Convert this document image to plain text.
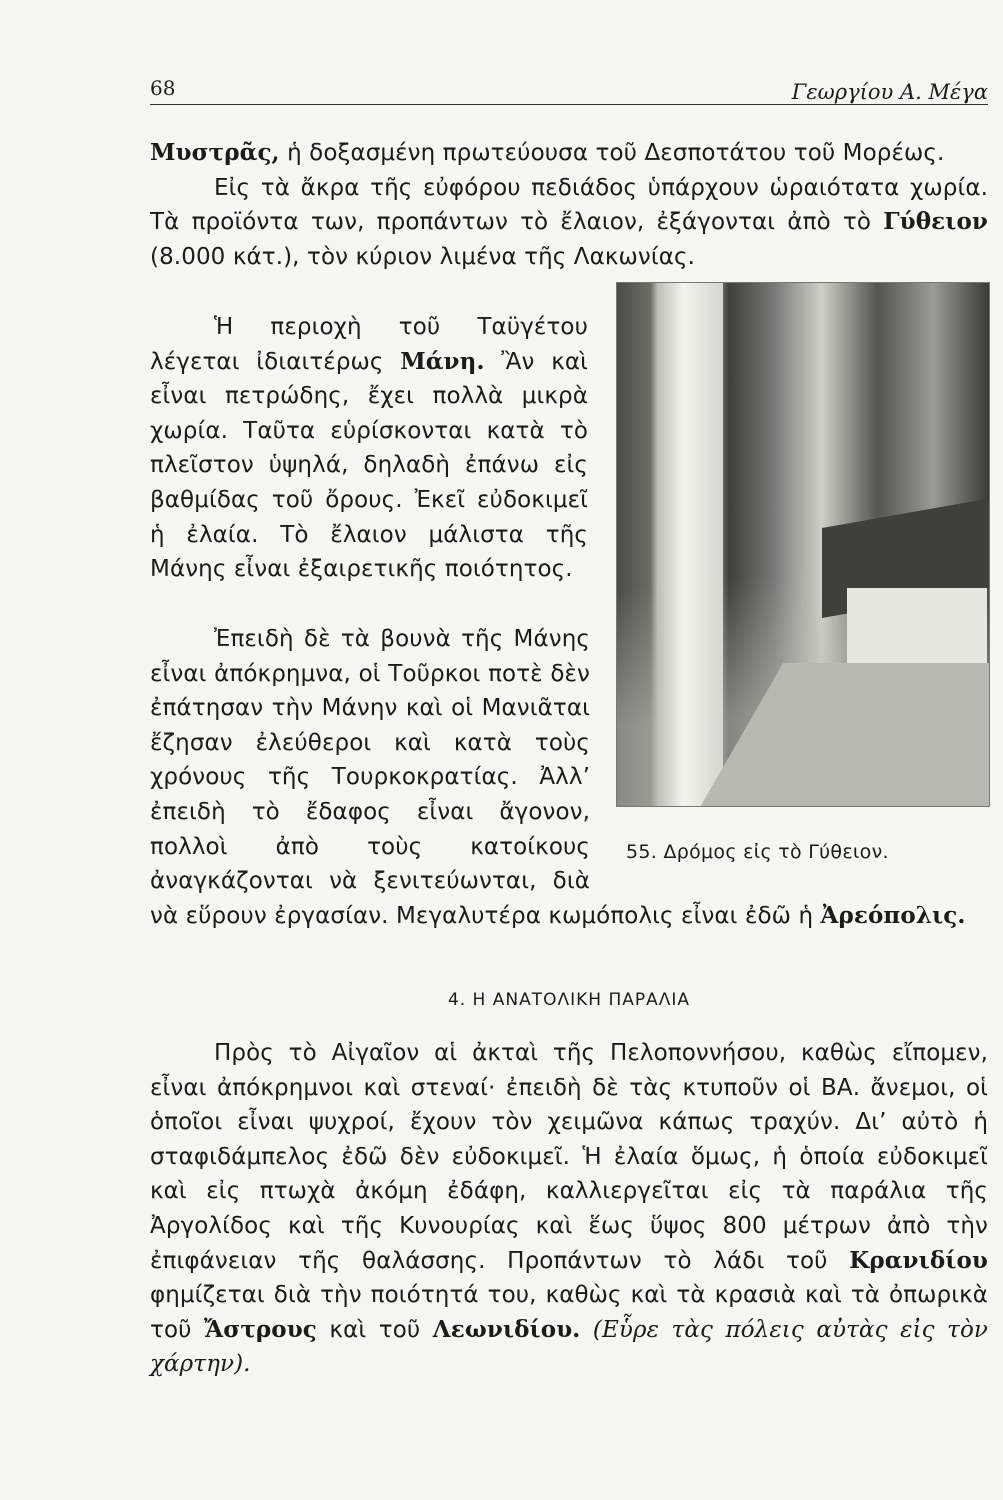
68	Γεωργίου Α. Μέγα

Μυστρᾶς, ἡ δοξασμένη πρωτεύουσα τοῦ Δεσποτάτου τοῦ Μορέως.

Εἰς τὰ ἄκρα τῆς εὐφόρου πεδιάδος ὑπάρχουν ὡραιότατα χωρία. Τὰ προϊόντα των, προπάντων τὸ ἔλαιον, ἐξάγονται ἀπὸ τὸ Γύθειον (8.000 κάτ.), τὸν κύριον λιμένα τῆς Λακωνίας.

55. Δρόμος εἰς τὸ Γύθειον.

Ἡ περιοχὴ τοῦ Ταϋγέτου λέγεται ἰδιαιτέρως Μάνη. Ἂν καὶ εἶναι πετρώδης, ἔχει πολλὰ μικρὰ χωρία. Ταῦτα εὑρίσκονται κατὰ τὸ πλεῖστον ὑψηλά, δηλαδὴ ἐπάνω εἰς βαθμίδας τοῦ ὄρους. Ἐκεῖ εὐδοκιμεῖ ἡ ἐλαία. Τὸ ἔλαιον μάλιστα τῆς Μάνης εἶναι ἐξαιρετικῆς ποιότητος.

Ἐπειδὴ δὲ τὰ βουνὰ τῆς Μάνης εἶναι ἀπόκρημνα, οἱ Τοῦρκοι ποτὲ δὲν ἐπάτησαν τὴν Μάνην καὶ οἱ Μανιᾶται ἔζησαν ἐλεύθεροι καὶ κατὰ τοὺς χρόνους τῆς Τουρκοκρατίας. Ἀλλ’ ἐπειδὴ τὸ ἔδαφος εἶναι ἄγονον, πολλοὶ ἀπὸ τοὺς κατοίκους ἀναγκάζονται νὰ ξενιτεύωνται, διὰ νὰ εὕρουν ἐργασίαν. Μεγαλυτέρα κωμόπολις εἶναι ἐδῶ ἡ Ἀρεόπολις.

4. Η ΑΝΑΤΟΛΙΚΗ ΠΑΡΑΛΙΑ

Πρὸς τὸ Αἰγαῖον αἱ ἀκταὶ τῆς Πελοποννήσου, καθὼς εἴπομεν, εἶναι ἀπόκρημνοι καὶ στεναί· ἐπειδὴ δὲ τὰς κτυποῦν οἱ ΒΑ. ἄνεμοι, οἱ ὁποῖοι εἶναι ψυχροί, ἔχουν τὸν χειμῶνα κάπως τραχύν. Δι’ αὐτὸ ἡ σταφιδάμπελος ἐδῶ δὲν εὐδοκιμεῖ. Ἡ ἐλαία ὅμως, ἡ ὁποία εὐδοκιμεῖ καὶ εἰς πτωχὰ ἀκόμη ἐδάφη, καλλιεργεῖται εἰς τὰ παράλια τῆς Ἀργολίδος καὶ τῆς Κυνουρίας καὶ ἕως ὕψος 800 μέτρων ἀπὸ τὴν ἐπιφάνειαν τῆς θαλάσσης. Προπάντων τὸ λάδι τοῦ Κρανιδίου φημίζεται διὰ τὴν ποιότητά του, καθὼς καὶ τὰ κρασιὰ καὶ τὰ ὀπωρικὰ τοῦ Ἄστρους καὶ τοῦ Λεωνιδίου. (Εὗρε τὰς πόλεις αὐτὰς εἰς τὸν χάρτην).
